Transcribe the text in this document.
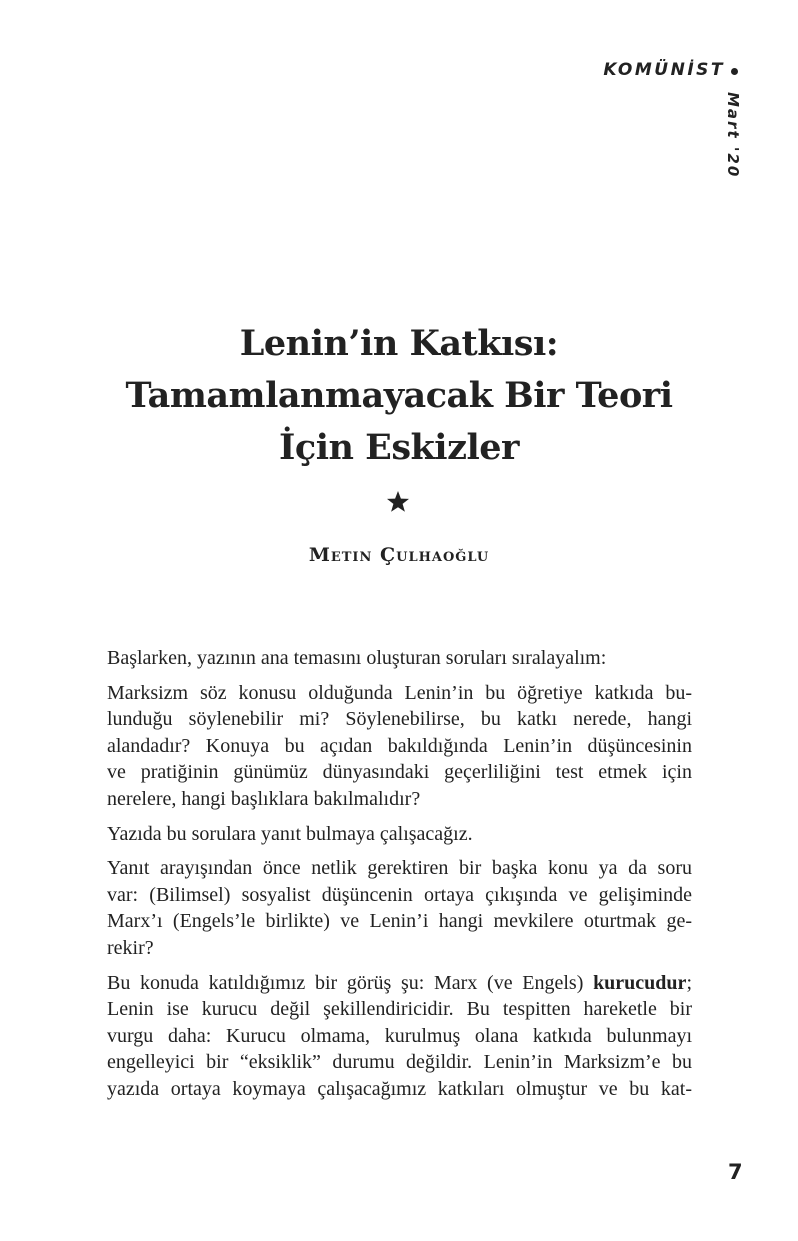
KOMÜNİST
Mart '20
Lenin’in Katkısı:
Tamamlanmayacak Bir Teori
İçin Eskizler
Metin Çulhaoğlu

Başlarken, yazının ana temasını oluşturan soruları sıralayalım:

Marksizm söz konusu olduğunda Lenin’in bu öğretiye katkıda bu-
lunduğu söylenebilir mi? Söylenebilirse, bu katkı nerede, hangi
alandadır? Konuya bu açıdan bakıldığında Lenin’in düşüncesinin
ve pratiğinin günümüz dünyasındaki geçerliliğini test etmek için
nerelere, hangi başlıklara bakılmalıdır?

Yazıda bu sorulara yanıt bulmaya çalışacağız.

Yanıt arayışından önce netlik gerektiren bir başka konu ya da soru
var: (Bilimsel) sosyalist düşüncenin ortaya çıkışında ve gelişiminde
Marx’ı (Engels’le birlikte) ve Lenin’i hangi mevkilere oturtmak ge-
rekir?

Bu konuda katıldığımız bir görüş şu: Marx (ve Engels) kurucudur;
Lenin ise kurucu değil şekillendiricidir. Bu tespitten hareketle bir
vurgu daha: Kurucu olmama, kurulmuş olana katkıda bulunmayı
engelleyici bir “eksiklik” durumu değildir. Lenin’in Marksizm’e bu
yazıda ortaya koymaya çalışacağımız katkıları olmuştur ve bu kat-

7
